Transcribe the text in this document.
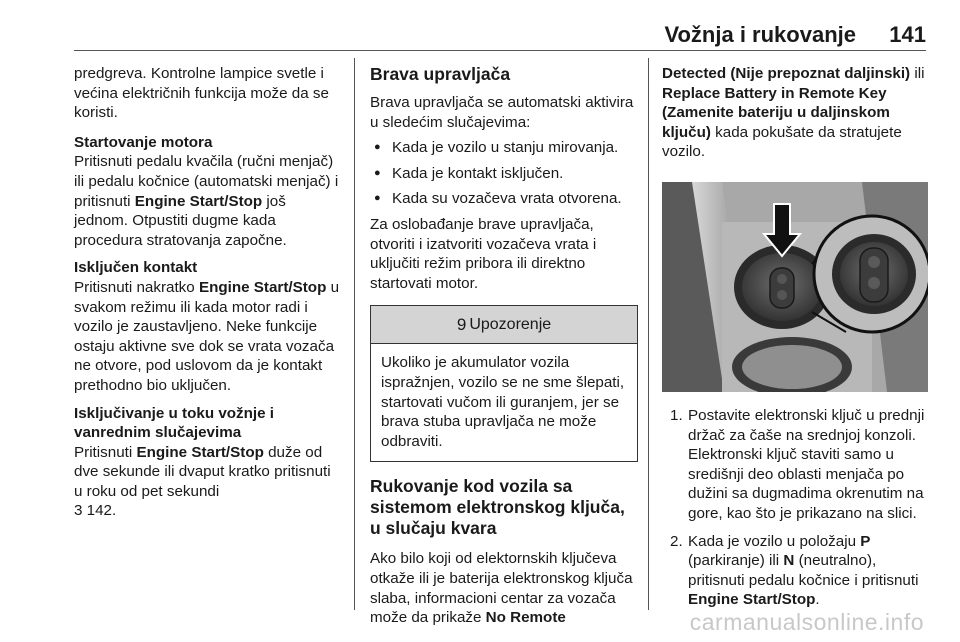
Vožnja i rukovanje 141

predgreva. Kontrolne lampice svetle i većina električnih funkcija može da se koristi.

Startovanje motora

Pritisnuti pedalu kvačila (ručni menjač) ili pedalu kočnice (automatski menjač) i pritisnuti Engine Start/Stop još jednom. Otpustiti dugme kada procedura stratovanja započne.

Isključen kontakt

Pritisnuti nakratko Engine Start/Stop u svakom režimu ili kada motor radi i vozilo je zaustavljeno. Neke funkcije ostaju aktivne sve dok se vrata vozača ne otvore, pod uslovom da je kontakt prethodno bio uključen.

Isključivanje u toku vožnje i vanrednim slučajevima

Pritisnuti Engine Start/Stop duže od dve sekunde ili dvaput kratko pritisnuti u roku od pet sekundi
3 142.

Brava upravljača

Brava upravljača se automatski aktivira u sledećim slučajevima:

● Kada je vozilo u stanju mirovanja.
● Kada je kontakt isključen.
● Kada su vozačeva vrata otvorena.

Za oslobađanje brave upravljača, otvoriti i izatvoriti vozačeva vrata i uključiti režim pribora ili direktno startovati motor.

9 Upozorenje
Ukoliko je akumulator vozila ispražnjen, vozilo se ne sme šlepati, startovati vučom ili guranjem, jer se brava stuba upravljača ne može odbraviti.
Rukovanje kod vozila sa sistemom elektronskog ključa, u slučaju kvara

Ako bilo koji od elektornskih ključeva otkaže ili je baterija elektronskog ključa slaba, informacioni centar za vozača može da prikaže No Remote

Detected (Nije prepoznat daljinski) ili Replace Battery in Remote Key (Zamenite bateriju u daljinskom ključu) kada pokušate da stratujete vozilo.

1. Postavite elektronski ključ u prednji držač za čaše na srednjoj konzoli. Elektronski ključ staviti samo u središnji deo oblasti menjača po dužini sa dugmadima okrenutim na gore, kao što je prikazano na slici.
2. Kada je vozilo u položaju P (parkiranje) ili N (neutralno), pritisnuti pedalu kočnice i pritisnuti Engine Start/Stop.
carmanualsonline.info
